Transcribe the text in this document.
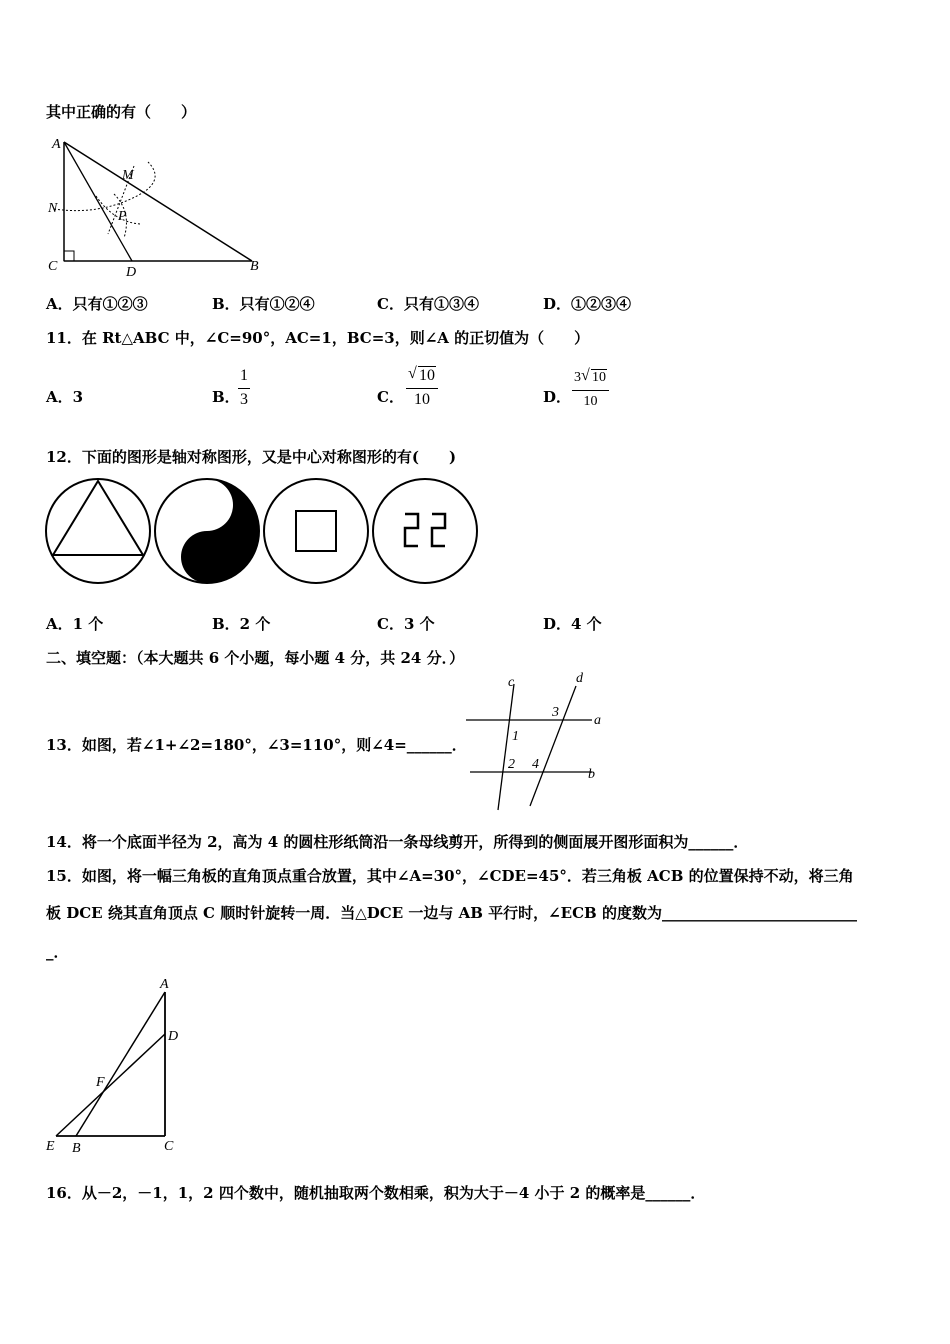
其中正确的有（　　）
A
M
N
P
C	D	B
A．只有①②③	B．只有①②④	C．只有①③④	D．①②③④
11．在 Rt△ABC 中，∠C=90°，AC=1，BC=3，则∠A 的正切值为（　　）
A．3	B．
1
3	C．
√ 10
10	D．
3 √ 10
10
12．下面的图形是轴对称图形，又是中心对称图形的有(　　)
A．1 个	B．2 个	C．3 个	D．4 个
二、填空题：（本大题共 6 个小题，每小题 4 分，共 24 分．）
13．如图，若∠1+∠2=180°，∠3=110°，则∠4=______．
c	d
a
b
1
2
3
4
14．将一个底面半径为 2，高为 4 的圆柱形纸筒沿一条母线剪开，所得到的侧面展开图形面积为______．
15．如图，将一幅三角板的直角顶点重合放置，其中∠A=30°，∠CDE=45°．若三角板 ACB 的位置保持不动，将三角
板 DCE 绕其直角顶点 C 顺时针旋转一周．当△DCE 一边与 AB 平行时，∠ECB 的度数为__________________________
_．
A
D
F
E B	C
16．从－2，－1，1，2 四个数中，随机抽取两个数相乘，积为大于－4 小于 2 的概率是______．
